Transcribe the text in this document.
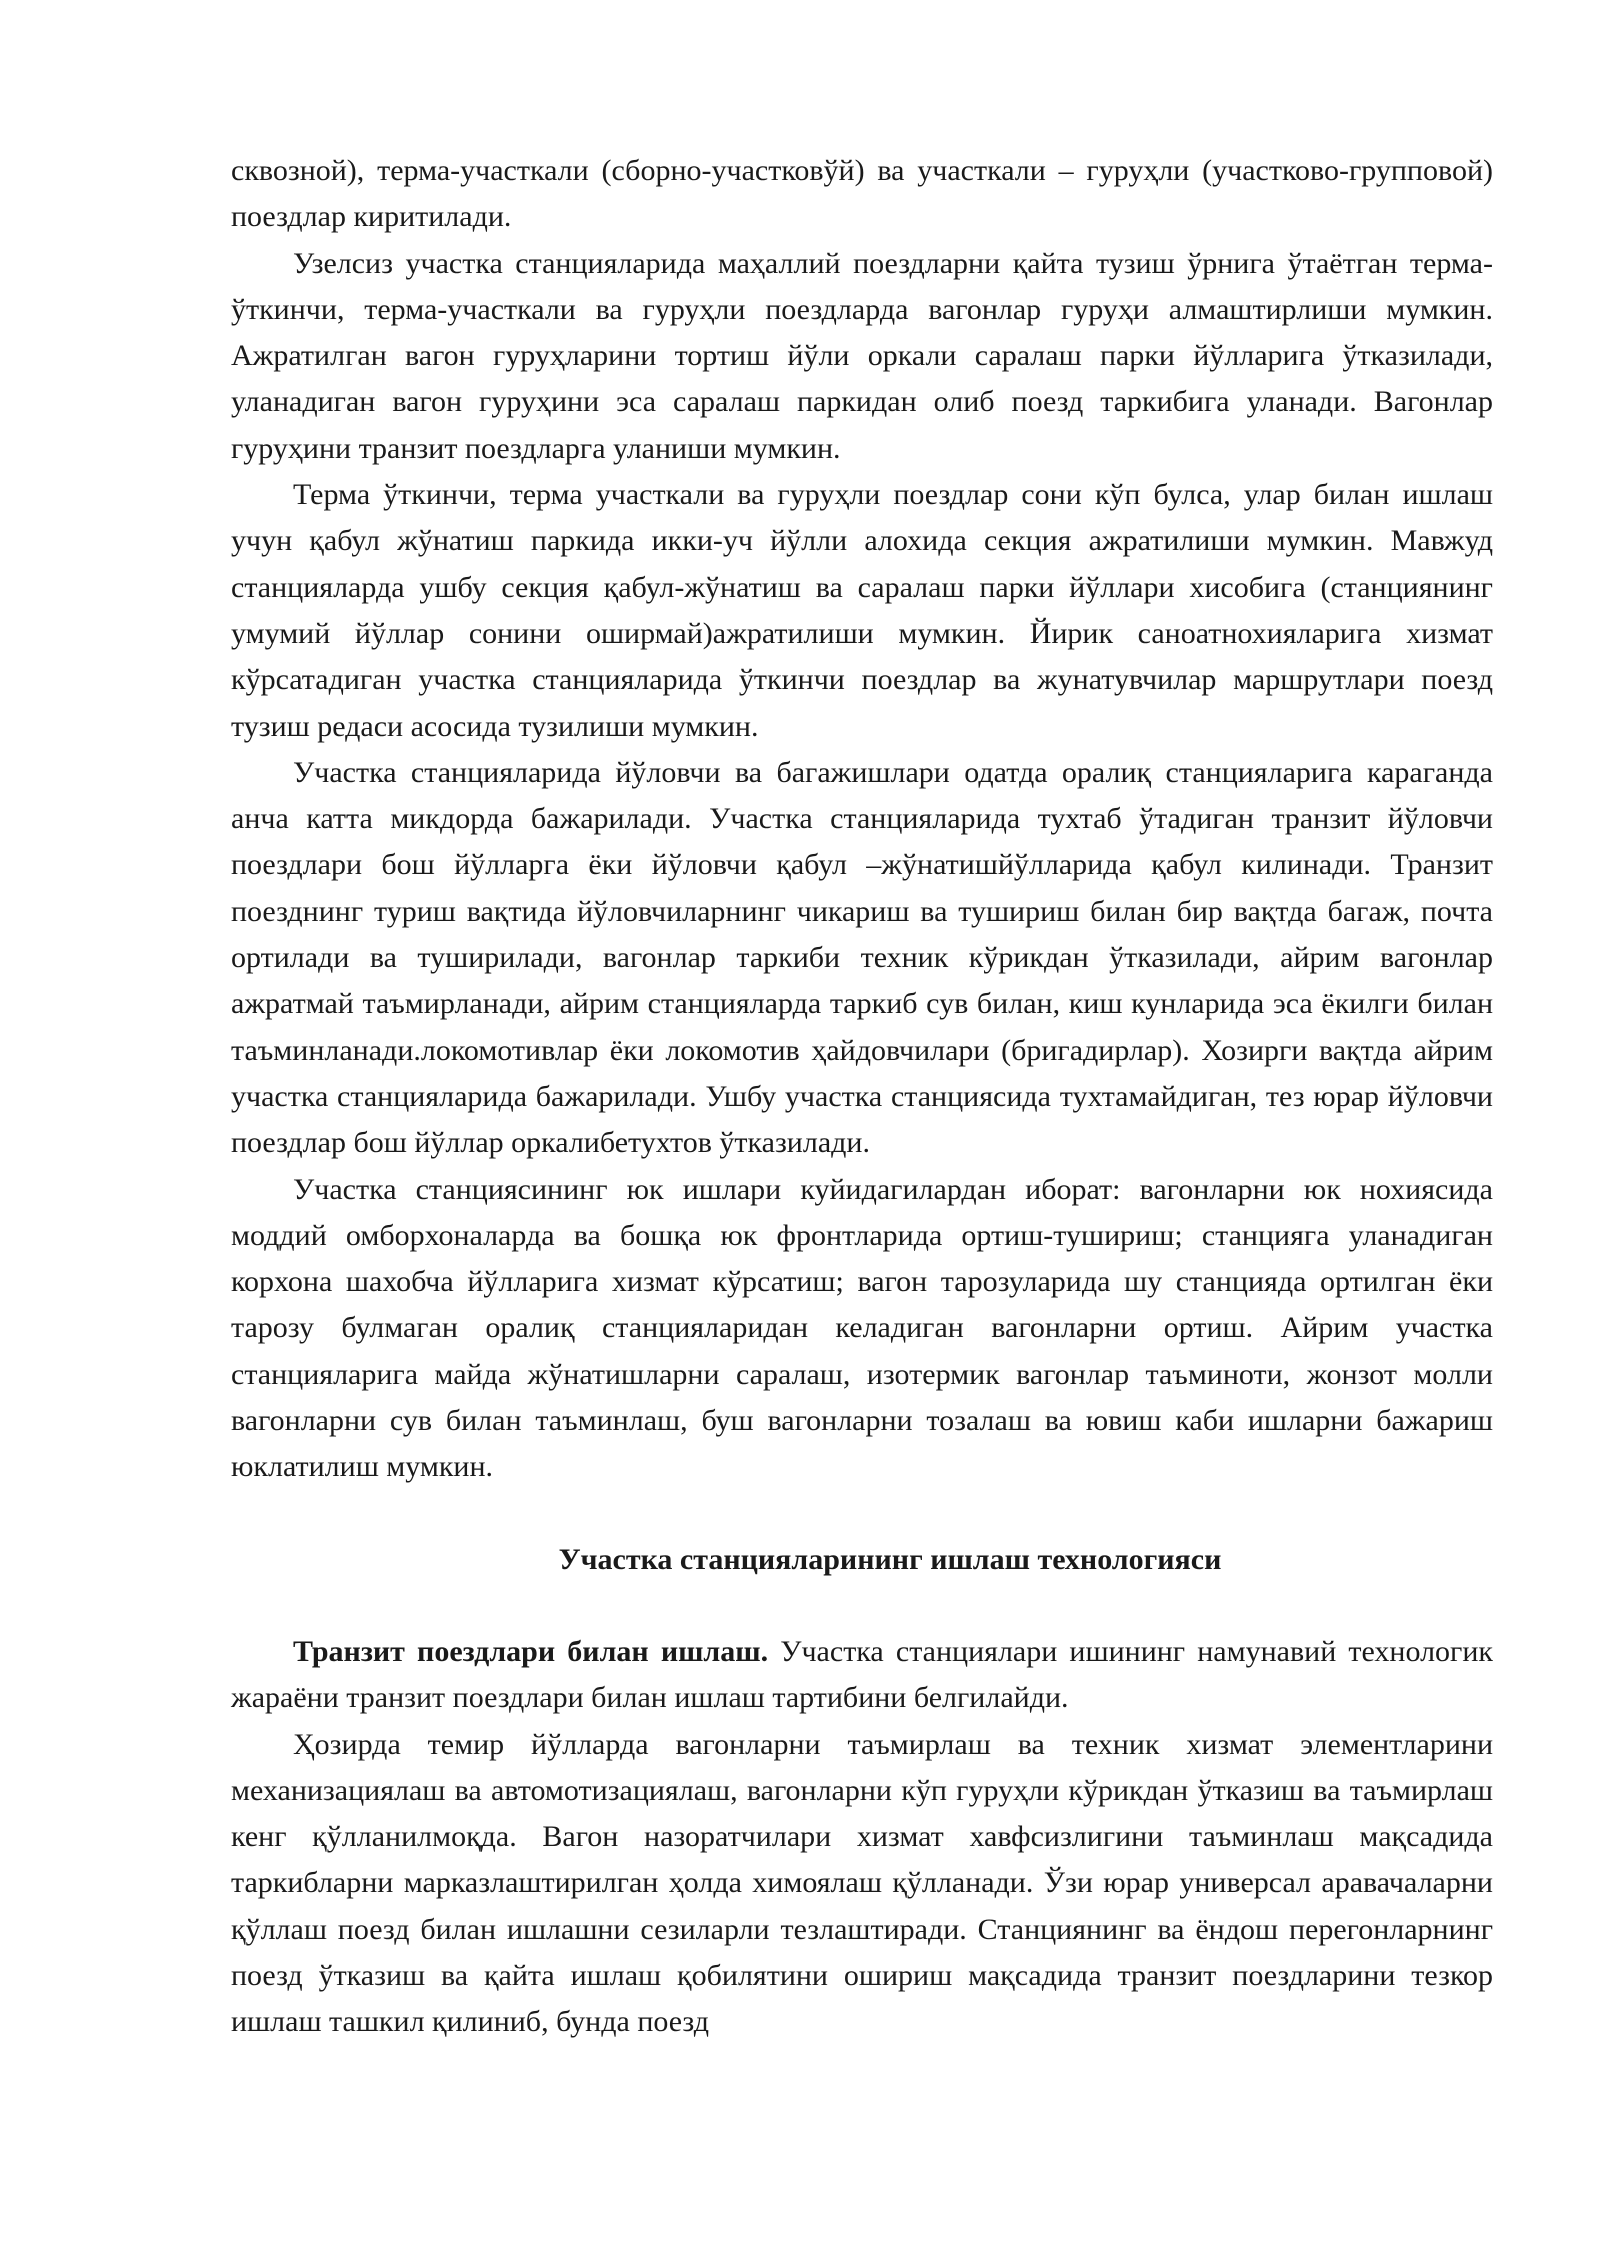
сквозной), терма-участкали (сборно-участковўй) ва участкали – гуруҳли (участково-групповой) поездлар киритилади.

Узелсиз участка станцияларида маҳаллий поездларни қайта тузиш ўрнига ўтаётган терма-ўткинчи, терма-участкали ва гуруҳли поездларда вагонлар гуруҳи алмаштирлиши мумкин. Ажратилган вагон гуруҳларини тортиш йўли оркали саралаш парки йўлларига ўтказилади, уланадиган вагон гуруҳини эса саралаш паркидан олиб поезд таркибига уланади. Вагонлар гуруҳини транзит поездларга уланиши мумкин.

Терма ўткинчи, терма участкали ва гуруҳли поездлар сони кўп булса, улар билан ишлаш учун қабул жўнатиш паркида икки-уч йўлли алохида секция ажратилиши мумкин. Мавжуд станцияларда ушбу секция қабул-жўнатиш ва саралаш парки йўллари хисобига (станциянинг умумий йўллар сонини оширмай)ажратилиши мумкин. Йирик саноатнохияларига хизмат кўрсатадиган участка станцияларида ўткинчи поездлар ва жунатувчилар маршрутлари поезд тузиш редаси асосида тузилиши мумкин.

Участка станцияларида йўловчи ва багажишлари одатда оралиқ станцияларига караганда анча катта микдорда бажарилади. Участка станцияларида тухтаб ўтадиган транзит йўловчи поездлари бош йўлларга ёки йўловчи қабул –жўнатишйўлларида қабул килинади. Транзит поезднинг туриш вақтида йўловчиларнинг чикариш ва тушириш билан бир вақтда багаж, почта ортилади ва туширилади, вагонлар таркиби техник кўрикдан ўтказилади, айрим вагонлар ажратмай таъмирланади, айрим станцияларда таркиб сув билан, киш кунларида эса ёкилги билан таъминланади.локомотивлар ёки локомотив ҳайдовчилари (бригадирлар). Хозирги вақтда айрим участка станцияларида бажарилади. Ушбу участка станциясида тухтамайдиган, тез юрар йўловчи поездлар бош йўллар оркалибетухтов ўтказилади.

Участка станциясининг юк ишлари куйидагилардан иборат: вагонларни юк нохиясида моддий омборхоналарда ва бошқа юк фронтларида ортиш-тушириш; станцияга уланадиган корхона шахобча йўлларига хизмат кўрсатиш; вагон тарозуларида шу станцияда ортилган ёки тарозу булмаган оралиқ станцияларидан келадиган вагонларни ортиш. Айрим участка станцияларига майда жўнатишларни саралаш, изотермик вагонлар таъминоти, жонзот молли вагонларни сув билан таъминлаш, буш вагонларни тозалаш ва ювиш каби ишларни бажариш юклатилиш мумкин.

Участка станцияларининг ишлаш технологияси

Транзит поездлари билан ишлаш. Участка станциялари ишининг намунавий технологик жараёни транзит поездлари билан ишлаш тартибини белгилайди.

Ҳозирда темир йўлларда вагонларни таъмирлаш ва техник хизмат элементларини механизациялаш ва автомотизациялаш, вагонларни кўп гуруҳли кўрикдан ўтказиш ва таъмирлаш кенг қўлланилмоқда. Вагон назоратчилари хизмат хавфсизлигини таъминлаш мақсадида таркибларни марказлаштирилган ҳолда химоялаш қўлланади. Ўзи юрар универсал аравачаларни қўллаш поезд билан ишлашни сезиларли тезлаштиради. Станциянинг ва ёндош перегонларнинг поезд ўтказиш ва қайта ишлаш қобилятини ошириш мақсадида транзит поездларини тезкор ишлаш ташкил қилиниб, бунда поезд
